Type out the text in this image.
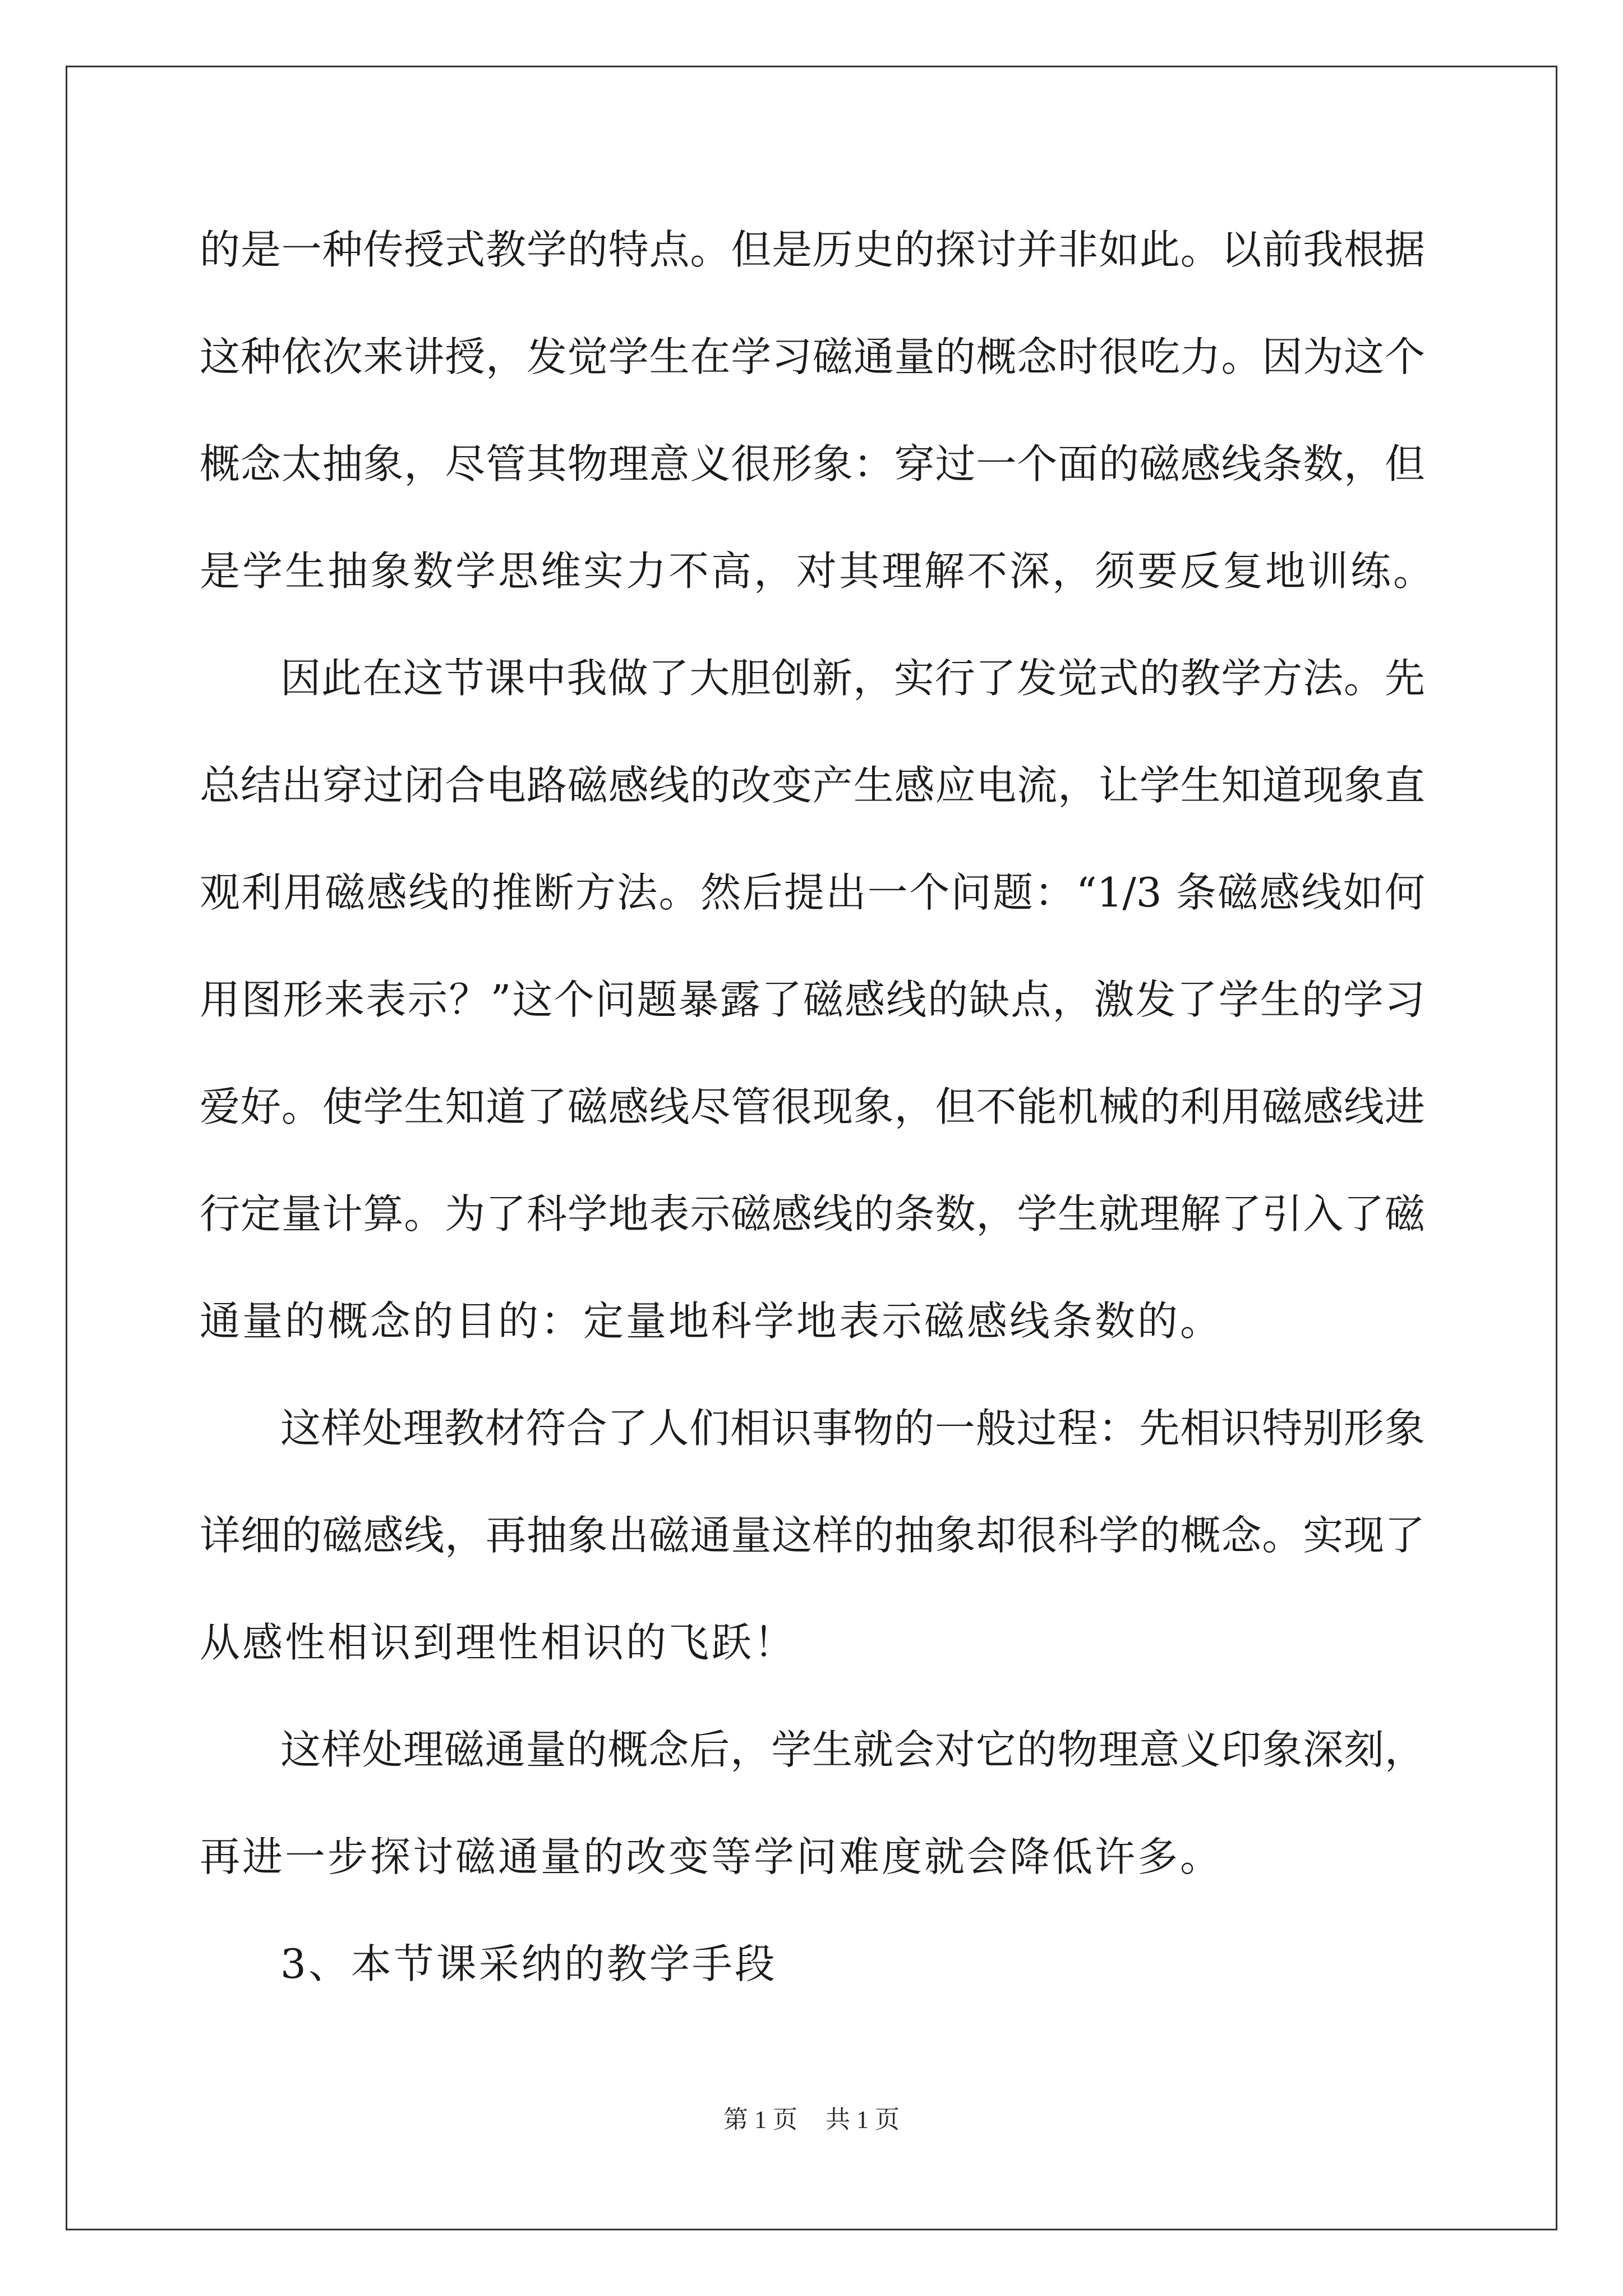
的是一种传授式教学的特点。但是历史的探讨并非如此。以前我根据
这种依次来讲授，发觉学生在学习磁通量的概念时很吃力。因为这个
概念太抽象，尽管其物理意义很形象：穿过一个面的磁感线条数，但
是学生抽象数学思维实力不高，对其理解不深，须要反复地训练。
因此在这节课中我做了大胆创新，实行了发觉式的教学方法。先
总结出穿过闭合电路磁感线的改变产生感应电流，让学生知道现象直
观利用磁感线的推断方法。然后提出一个问题：“1/3 条磁感线如何
用图形来表示？”这个问题暴露了磁感线的缺点，激发了学生的学习
爱好。使学生知道了磁感线尽管很现象，但不能机械的利用磁感线进
行定量计算。为了科学地表示磁感线的条数，学生就理解了引入了磁
通量的概念的目的：定量地科学地表示磁感线条数的。
这样处理教材符合了人们相识事物的一般过程：先相识特别形象
详细的磁感线，再抽象出磁通量这样的抽象却很科学的概念。实现了
从感性相识到理性相识的飞跃！
这样处理磁通量的概念后，学生就会对它的物理意义印象深刻，
再进一步探讨磁通量的改变等学问难度就会降低许多。
3、本节课采纳的教学手段
第 1 页 共 1 页
